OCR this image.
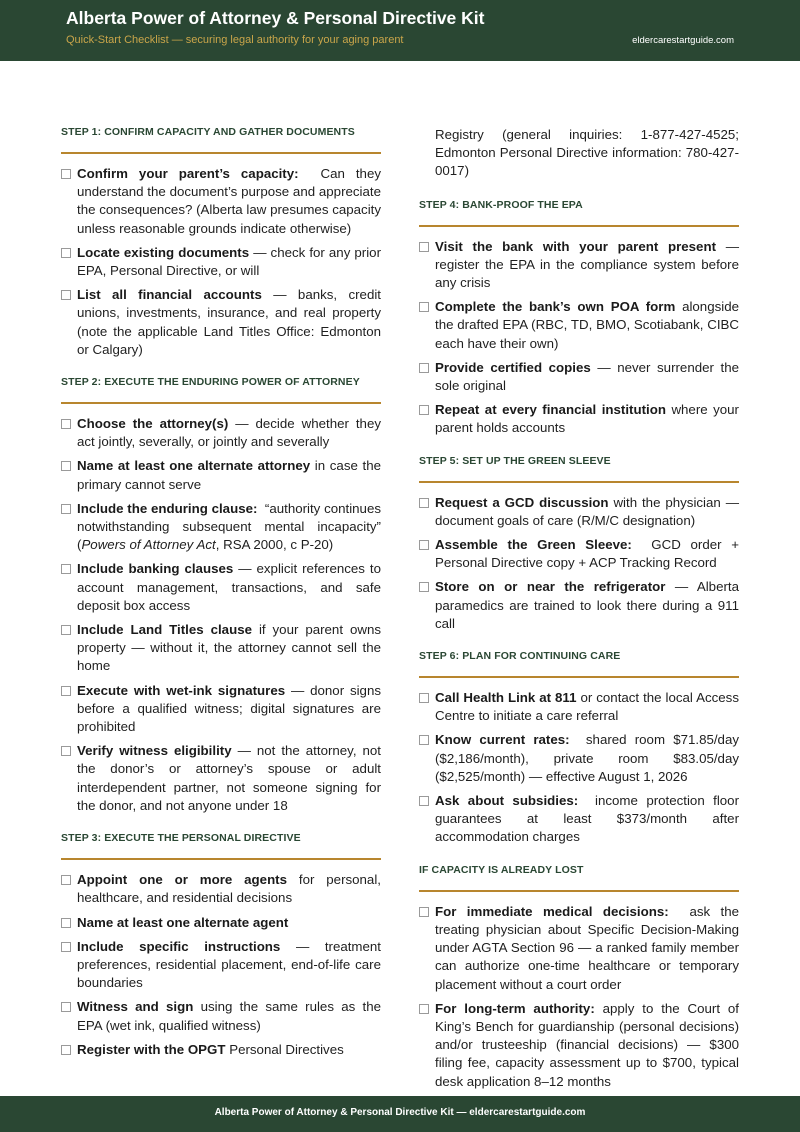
Alberta Power of Attorney & Personal Directive Kit
Quick-Start Checklist — securing legal authority for your aging parent	eldercarestartguide.com
STEP 1: CONFIRM CAPACITY AND GATHER DOCUMENTS
Confirm your parent’s capacity: Can they understand the document’s purpose and appreciate the consequences? (Alberta law presumes capacity unless reasonable grounds indicate otherwise)
Locate existing documents — check for any prior EPA, Personal Directive, or will
List all financial accounts — banks, credit unions, investments, insurance, and real property (note the applicable Land Titles Office: Edmonton or Calgary)
STEP 2: EXECUTE THE ENDURING POWER OF ATTORNEY
Choose the attorney(s) — decide whether they act jointly, severally, or jointly and severally
Name at least one alternate attorney in case the primary cannot serve
Include the enduring clause: “authority continues notwithstanding subsequent mental incapacity” (Powers of Attorney Act, RSA 2000, c P-20)
Include banking clauses — explicit references to account management, transactions, and safe deposit box access
Include Land Titles clause if your parent owns property — without it, the attorney cannot sell the home
Execute with wet-ink signatures — donor signs before a qualified witness; digital signatures are prohibited
Verify witness eligibility — not the attorney, not the donor’s or attorney’s spouse or adult interdependent partner, not someone signing for the donor, and not anyone under 18
STEP 3: EXECUTE THE PERSONAL DIRECTIVE
Appoint one or more agents for personal, healthcare, and residential decisions
Name at least one alternate agent
Include specific instructions — treatment preferences, residential placement, end-of-life care boundaries
Witness and sign using the same rules as the EPA (wet ink, qualified witness)
Register with the OPGT Personal Directives
Registry (general inquiries: 1-877-427-4525; Edmonton Personal Directive information: 780-427-0017)
STEP 4: BANK-PROOF THE EPA
Visit the bank with your parent present — register the EPA in the compliance system before any crisis
Complete the bank’s own POA form alongside the drafted EPA (RBC, TD, BMO, Scotiabank, CIBC each have their own)
Provide certified copies — never surrender the sole original
Repeat at every financial institution where your parent holds accounts
STEP 5: SET UP THE GREEN SLEEVE
Request a GCD discussion with the physician — document goals of care (R/M/C designation)
Assemble the Green Sleeve: GCD order + Personal Directive copy + ACP Tracking Record
Store on or near the refrigerator — Alberta paramedics are trained to look there during a 911 call
STEP 6: PLAN FOR CONTINUING CARE
Call Health Link at 811 or contact the local Access Centre to initiate a care referral
Know current rates: shared room $71.85/day ($2,186/month), private room $83.05/day ($2,525/month) — effective August 1, 2026
Ask about subsidies: income protection floor guarantees at least $373/month after accommodation charges
IF CAPACITY IS ALREADY LOST
For immediate medical decisions: ask the treating physician about Specific Decision-Making under AGTA Section 96 — a ranked family member can authorize one-time healthcare or temporary placement without a court order
For long-term authority: apply to the Court of King’s Bench for guardianship (personal decisions) and/or trusteeship (financial decisions) — $300 filing fee, capacity assessment up to $700, typical desk application 8–12 months
Alberta Power of Attorney & Personal Directive Kit — eldercarestartguide.com
